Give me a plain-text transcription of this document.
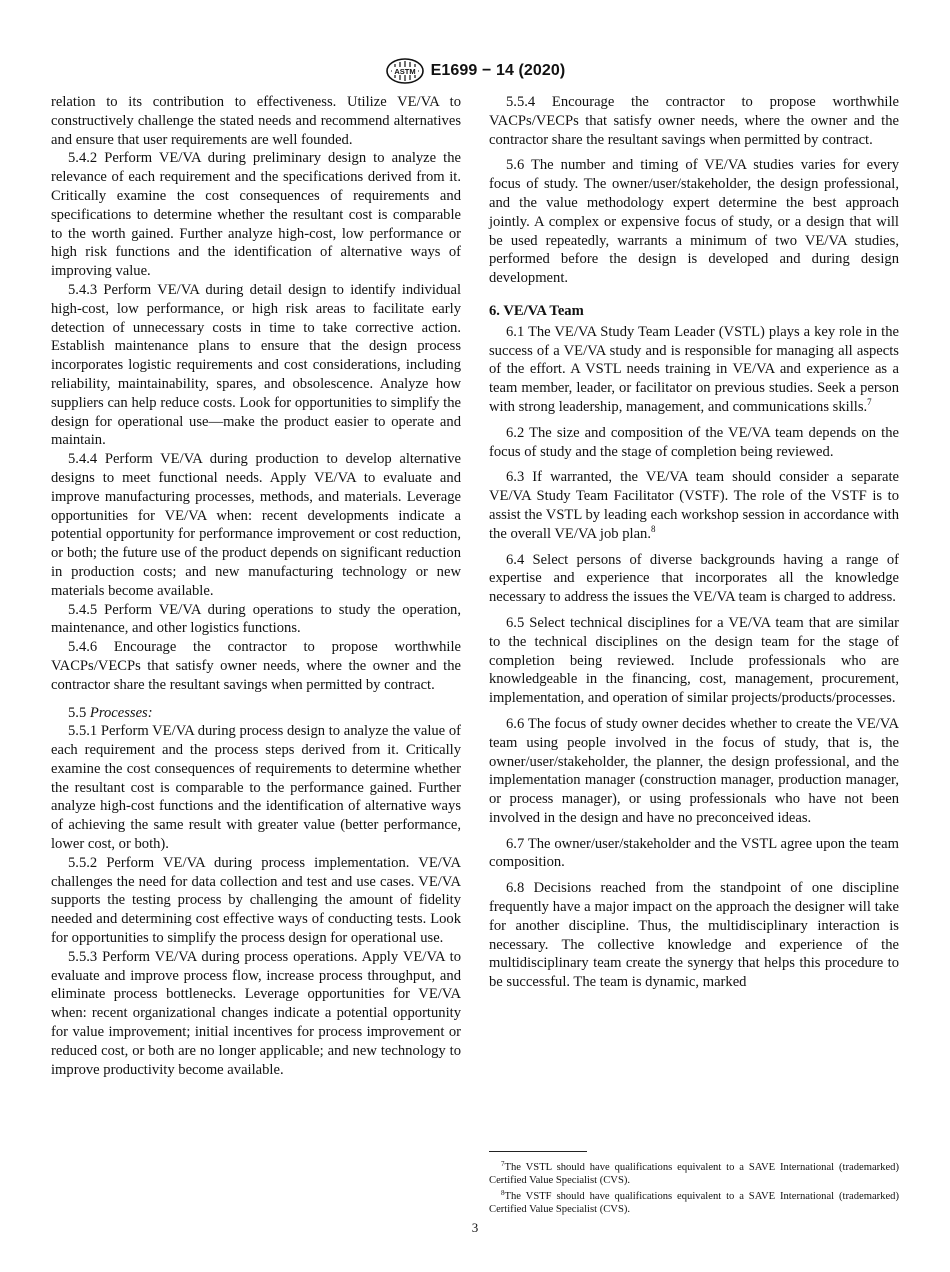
ASTM E1699 − 14 (2020)

relation to its contribution to effectiveness. Utilize VE/VA to constructively challenge the stated needs and recommend alternatives and ensure that user requirements are well founded.

5.4.2 Perform VE/VA during preliminary design to analyze the relevance of each requirement and the specifications derived from it. Critically examine the cost consequences of requirements and specifications to determine whether the resultant cost is comparable to the worth gained. Further analyze high-cost, low performance or high risk functions and the identification of alternative ways of improving value.

5.4.3 Perform VE/VA during detail design to identify individual high-cost, low performance, or high risk areas to facilitate early detection of unnecessary costs in time to take corrective action. Establish maintenance plans to ensure that the design process incorporates logistic requirements and cost considerations, including reliability, maintainability, spares, and obsolescence. Analyze how suppliers can help reduce costs. Look for opportunities to simplify the design for operational use—make the product easier to operate and maintain.

5.4.4 Perform VE/VA during production to develop alternative designs to meet functional needs. Apply VE/VA to evaluate and improve manufacturing processes, methods, and materials. Leverage opportunities for VE/VA when: recent developments indicate a potential opportunity for performance improvement or cost reduction, or both; the future use of the product depends on significant reduction in production costs; and new manufacturing technology or new materials become available.

5.4.5 Perform VE/VA during operations to study the operation, maintenance, and other logistics functions.

5.4.6 Encourage the contractor to propose worthwhile VACPs/VECPs that satisfy owner needs, where the owner and the contractor share the resultant savings when permitted by contract.

5.5 Processes:

5.5.1 Perform VE/VA during process design to analyze the value of each requirement and the process steps derived from it. Critically examine the cost consequences of requirements to determine whether the resultant cost is comparable to the performance gained. Further analyze high-cost functions and the identification of alternative ways of achieving the same result with greater value (better performance, lower cost, or both).

5.5.2 Perform VE/VA during process implementation. VE/VA challenges the need for data collection and test and use cases. VE/VA supports the testing process by challenging the amount of fidelity needed and determining cost effective ways of conducting tests. Look for opportunities to simplify the process design for operational use.

5.5.3 Perform VE/VA during process operations. Apply VE/VA to evaluate and improve process flow, increase process throughput, and eliminate process bottlenecks. Leverage opportunities for VE/VA when: recent organizational changes indicate a potential opportunity for value improvement; initial incentives for process improvement or reduced cost, or both are no longer applicable; and new technology to improve productivity become available.

5.5.4 Encourage the contractor to propose worthwhile VACPs/VECPs that satisfy owner needs, where the owner and the contractor share the resultant savings when permitted by contract.

5.6 The number and timing of VE/VA studies varies for every focus of study. The owner/user/stakeholder, the design professional, and the value methodology expert determine the best approach jointly. A complex or expensive focus of study, or a design that will be used repeatedly, warrants a minimum of two VE/VA studies, performed before the design is developed and during design development.

6. VE/VA Team

6.1 The VE/VA Study Team Leader (VSTL) plays a key role in the success of a VE/VA study and is responsible for managing all aspects of the effort. A VSTL needs training in VE/VA and experience as a team member, leader, or facilitator on previous studies. Seek a person with strong leadership, management, and communications skills.$^7$

6.2 The size and composition of the VE/VA team depends on the focus of study and the stage of completion being reviewed.

6.3 If warranted, the VE/VA team should consider a separate VE/VA Study Team Facilitator (VSTF). The role of the VSTF is to assist the VSTL by leading each workshop session in accordance with the overall VE/VA job plan.$^8$

6.4 Select persons of diverse backgrounds having a range of expertise and experience that incorporates all the knowledge necessary to address the issues the VE/VA team is charged to address.

6.5 Select technical disciplines for a VE/VA team that are similar to the technical disciplines on the design team for the stage of completion being reviewed. Include professionals who are knowledgeable in the financing, cost, management, procurement, implementation, and operation of similar projects/products/processes.

6.6 The focus of study owner decides whether to create the VE/VA team using people involved in the focus of study, that is, the owner/user/stakeholder, the planner, the design professional, and the implementation manager (construction manager, production manager, or process manager), or using professionals who have not been involved in the design and have no preconceived ideas.

6.7 The owner/user/stakeholder and the VSTL agree upon the team composition.

6.8 Decisions reached from the standpoint of one discipline frequently have a major impact on the approach the designer will take for another discipline. Thus, the multidisciplinary interaction is necessary. The collective knowledge and experience of the multidisciplinary team create the synergy that helps this procedure to be successful. The team is dynamic, marked

$^7$The VSTL should have qualifications equivalent to a SAVE International (trademarked) Certified Value Specialist (CVS).

$^8$The VSTF should have qualifications equivalent to a SAVE International (trademarked) Certified Value Specialist (CVS).

3
